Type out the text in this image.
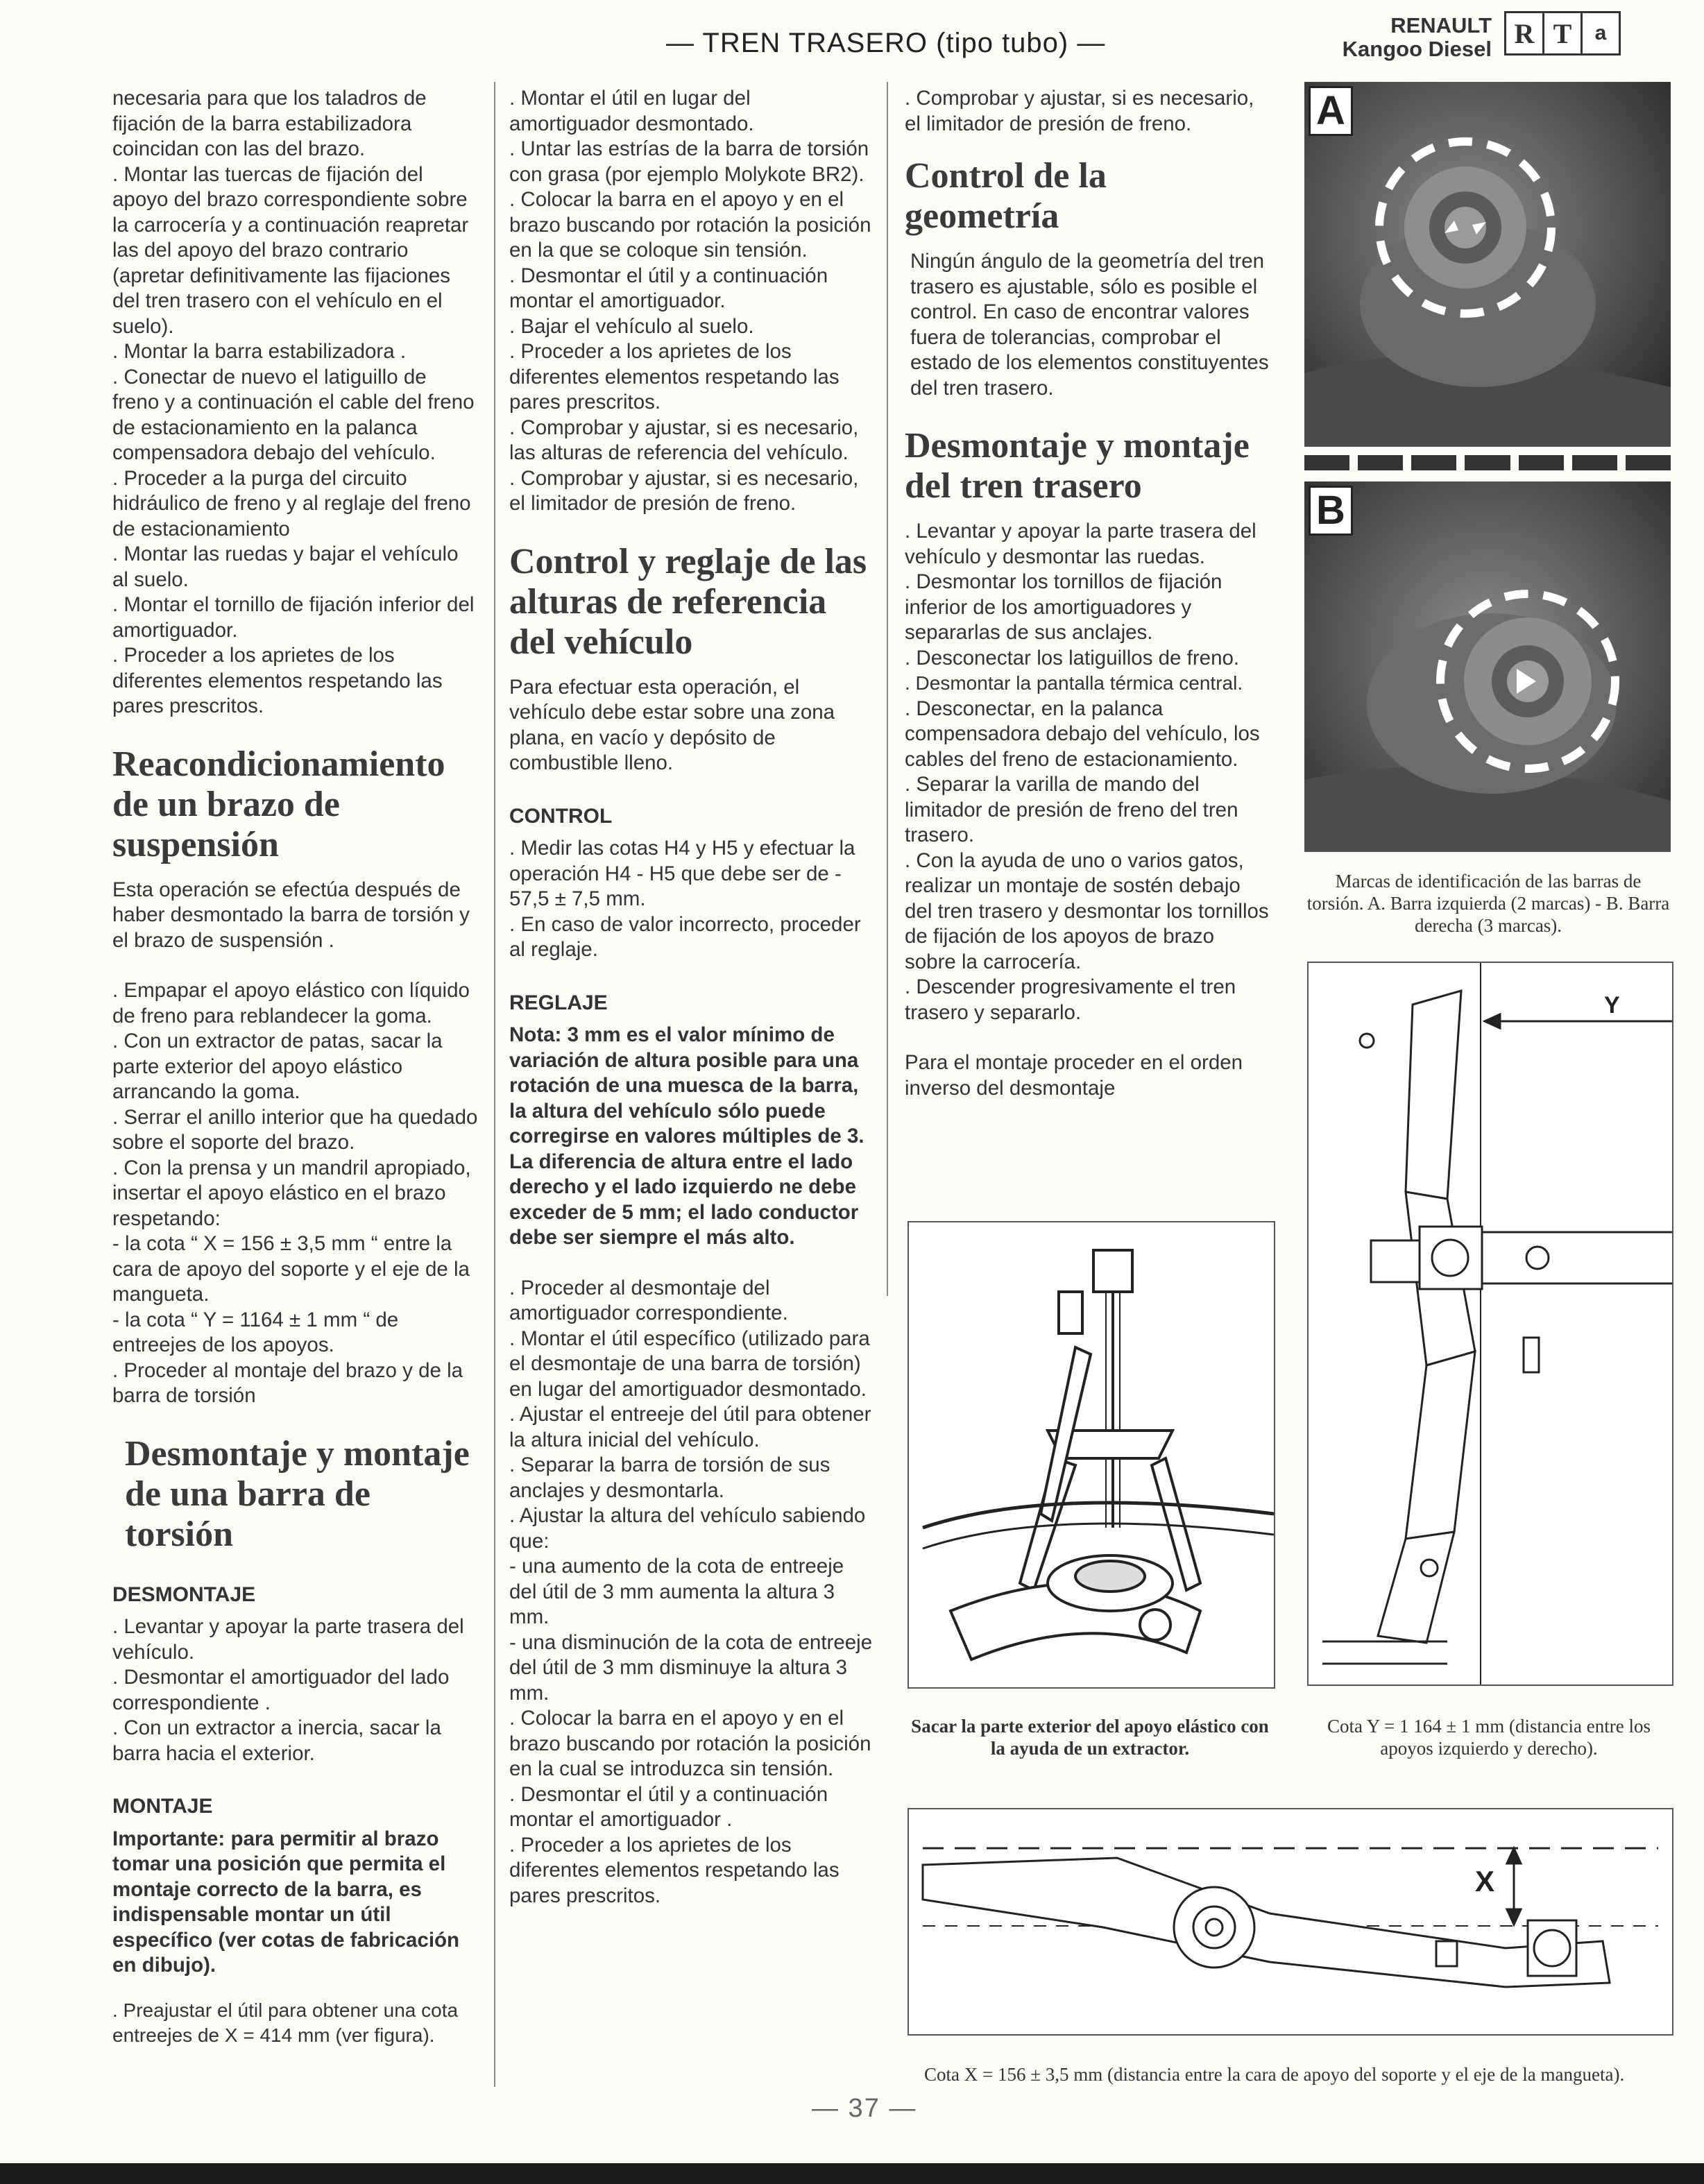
— TREN TRASERO (tipo tubo) —
RENAULT
Kangoo Diesel R T	a

necesaria para que los taladros de fijación de la barra estabilizadora coincidan con las del brazo.

. Montar las tuercas de fijación del apoyo del brazo correspondiente sobre la carrocería y a continuación reapretar las del apoyo del brazo contrario (apretar definitivamente las fijaciones del tren trasero con el vehículo en el suelo).

. Montar la barra estabilizadora .

. Conectar de nuevo el latiguillo de freno y a continuación el cable del freno de estacionamiento en la palanca compensadora debajo del vehículo.

. Proceder a la purga del circuito hidráulico de freno y al reglaje del freno de estacionamiento

. Montar las ruedas y bajar el vehículo al suelo.

. Montar el tornillo de fijación inferior del amortiguador.

. Proceder a los aprietes de los diferentes elementos respetando las pares prescritos.

Reacondicionamiento de un brazo de suspensión

Esta operación se efectúa después de haber desmontado la barra de torsión y el brazo de suspensión .

. Empapar el apoyo elástico con líquido de freno para reblandecer la goma.

. Con un extractor de patas, sacar la parte exterior del apoyo elástico arrancando la goma.

. Serrar el anillo interior que ha quedado sobre el soporte del brazo.

. Con la prensa y un mandril apropiado, insertar el apoyo elástico en el brazo respetando:

- la cota “ X = 156 ± 3,5 mm “ entre la cara de apoyo del soporte y el eje de la mangueta.

- la cota “ Y = 1164 ± 1 mm “ de entreejes de los apoyos.

. Proceder al montaje del brazo y de la barra de torsión

Desmontaje y montaje de una barra de torsión
DESMONTAJE

. Levantar y apoyar la parte trasera del vehículo.

. Desmontar el amortiguador del lado correspondiente .

. Con un extractor a inercia, sacar la barra hacia el exterior.

MONTAJE

Importante: para permitir al brazo tomar una posición que permita el montaje correcto de la barra, es indispensable montar un útil específico (ver cotas de fabricación en dibujo).

. Preajustar el útil para obtener una cota entreejes de X = 414 mm (ver figura).

. Montar el útil en lugar del amortiguador desmontado.

. Untar las estrías de la barra de torsión con grasa (por ejemplo Molykote BR2).

. Colocar la barra en el apoyo y en el brazo buscando por rotación la posición en la que se coloque sin tensión.

. Desmontar el útil y a continuación montar el amortiguador.

. Bajar el vehículo al suelo.

. Proceder a los aprietes de los diferentes elementos respetando las pares prescritos.

. Comprobar y ajustar, si es necesario, las alturas de referencia del vehículo.

. Comprobar y ajustar, si es necesario, el limitador de presión de freno.

Control y reglaje de las alturas de referencia del vehículo

Para efectuar esta operación, el vehículo debe estar sobre una zona plana, en vacío y depósito de combustible lleno.

CONTROL

. Medir las cotas H4 y H5 y efectuar la operación H4 - H5 que debe ser de - 57,5 ± 7,5 mm.

. En caso de valor incorrecto, proceder al reglaje.

REGLAJE

Nota: 3 mm es el valor mínimo de variación de altura posible para una rotación de una muesca de la barra, la altura del vehículo sólo puede corregirse en valores múltiples de 3. La diferencia de altura entre el lado derecho y el lado izquierdo ne debe exceder de 5 mm; el lado conductor debe ser siempre el más alto.

. Proceder al desmontaje del amortiguador correspondiente.

. Montar el útil específico (utilizado para el desmontaje de una barra de torsión) en lugar del amortiguador desmontado.

. Ajustar el entreeje del útil para obtener la altura inicial del vehículo.

. Separar la barra de torsión de sus anclajes y desmontarla.

. Ajustar la altura del vehículo sabiendo que:

- una aumento de la cota de entreeje del útil de 3 mm aumenta la altura 3 mm.

- una disminución de la cota de entreeje del útil de 3 mm disminuye la altura 3 mm.

. Colocar la barra en el apoyo y en el brazo buscando por rotación la posición en la cual se introduzca sin tensión.

. Desmontar el útil y a continuación montar el amortiguador .

. Proceder a los aprietes de los diferentes elementos respetando las pares prescritos.

. Comprobar y ajustar, si es necesario, el limitador de presión de freno.

Control de la geometría

Ningún ángulo de la geometría del tren trasero es ajustable, sólo es posible el control. En caso de encontrar valores fuera de tolerancias, comprobar el estado de los elementos constituyentes del tren trasero.

Desmontaje y montaje del tren trasero

. Levantar y apoyar la parte trasera del vehículo y desmontar las ruedas.

. Desmontar los tornillos de fijación inferior de los amortiguadores y separarlas de sus anclajes.

. Desconectar los latiguillos de freno.

. Desmontar la pantalla térmica central.

. Desconectar, en la palanca compensadora debajo del vehículo, los cables del freno de estacionamiento.

. Separar la varilla de mando del limitador de presión de freno del tren trasero.

. Con la ayuda de uno o varios gatos, realizar un montaje de sostén debajo del tren trasero y desmontar los tornillos de fijación de los apoyos de brazo sobre la carrocería.

. Descender progresivamente el tren trasero y separarlo.

Para el montaje proceder en el orden inverso del desmontaje

A
B
Marcas de identificación de las barras de torsión. A. Barra izquierda (2 marcas) - B. Barra derecha (3 marcas).
Sacar la parte exterior del apoyo elástico con la ayuda de un extractor.
Y
Cota Y = 1 164 ± 1 mm (distancia entre los apoyos izquierdo y derecho).
X
Cota X = 156 ± 3,5 mm (distancia entre la cara de apoyo del soporte y el eje de la mangueta).
— 37 —
